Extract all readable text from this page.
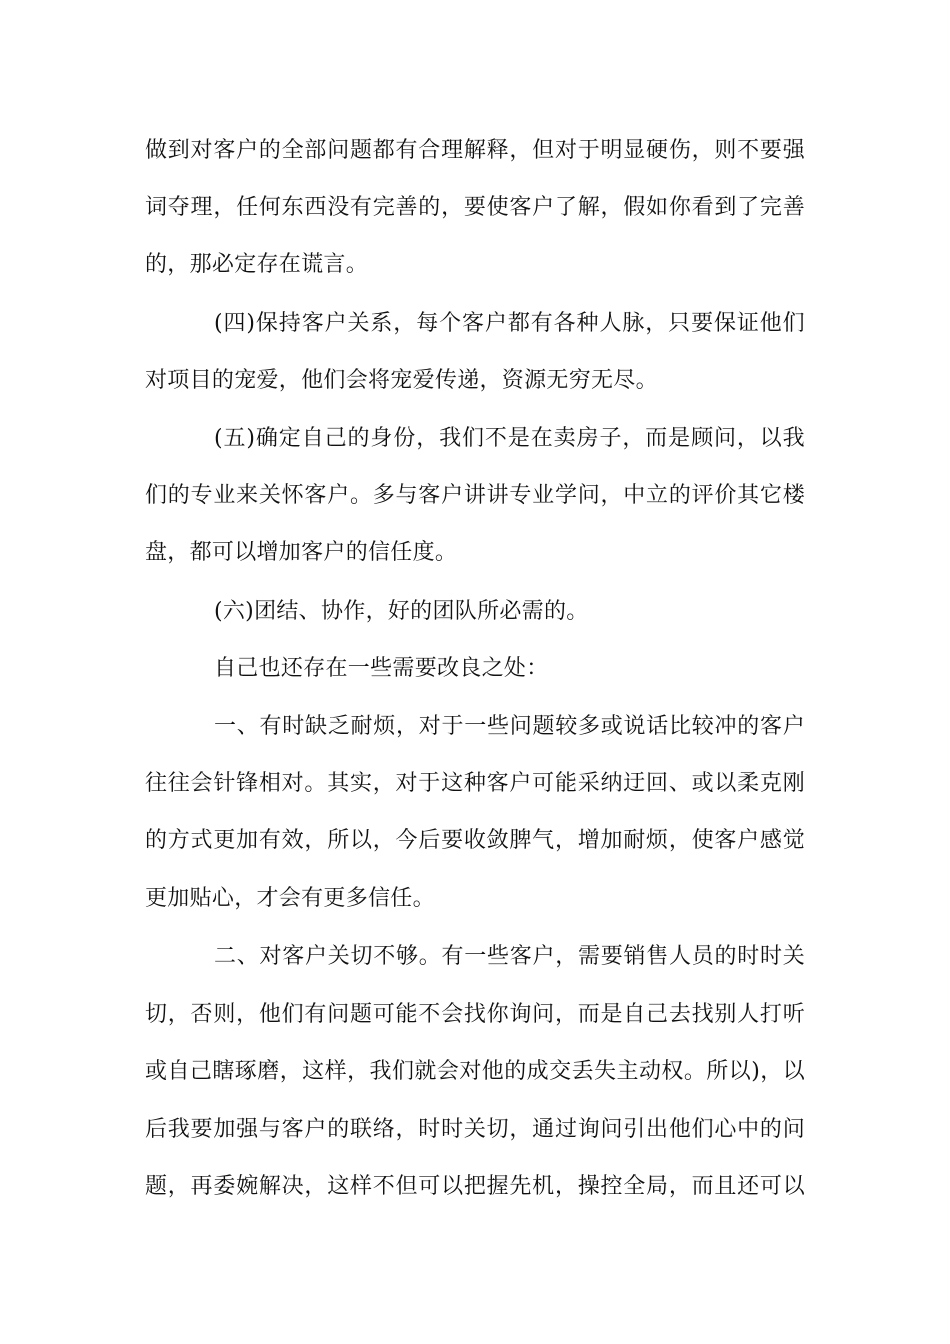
做到对客户的全部问题都有合理解释，但对于明显硬伤，则不要强
词夺理，任何东西没有完善的，要使客户了解，假如你看到了完善
的，那必定存在谎言。
(四)保持客户关系，每个客户都有各种人脉，只要保证他们
对项目的宠爱，他们会将宠爱传递，资源无穷无尽。
(五)确定自己的身份，我们不是在卖房子，而是顾问，以我
们的专业来关怀客户。多与客户讲讲专业学问，中立的评价其它楼
盘，都可以增加客户的信任度。
(六)团结、协作，好的团队所必需的。
自己也还存在一些需要改良之处：
一、有时缺乏耐烦，对于一些问题较多或说话比较冲的客户
往往会针锋相对。其实，对于这种客户可能采纳迂回、或以柔克刚
的方式更加有效，所以，今后要收敛脾气，增加耐烦，使客户感觉
更加贴心，才会有更多信任。
二、对客户关切不够。有一些客户，需要销售人员的时时关
切，否则，他们有问题可能不会找你询问，而是自己去找别人打听
或自己瞎琢磨，这样，我们就会对他的成交丢失主动权。所以)，以
后我要加强与客户的联络，时时关切，通过询问引出他们心中的问
题，再委婉解决，这样不但可以把握先机，操控全局，而且还可以
